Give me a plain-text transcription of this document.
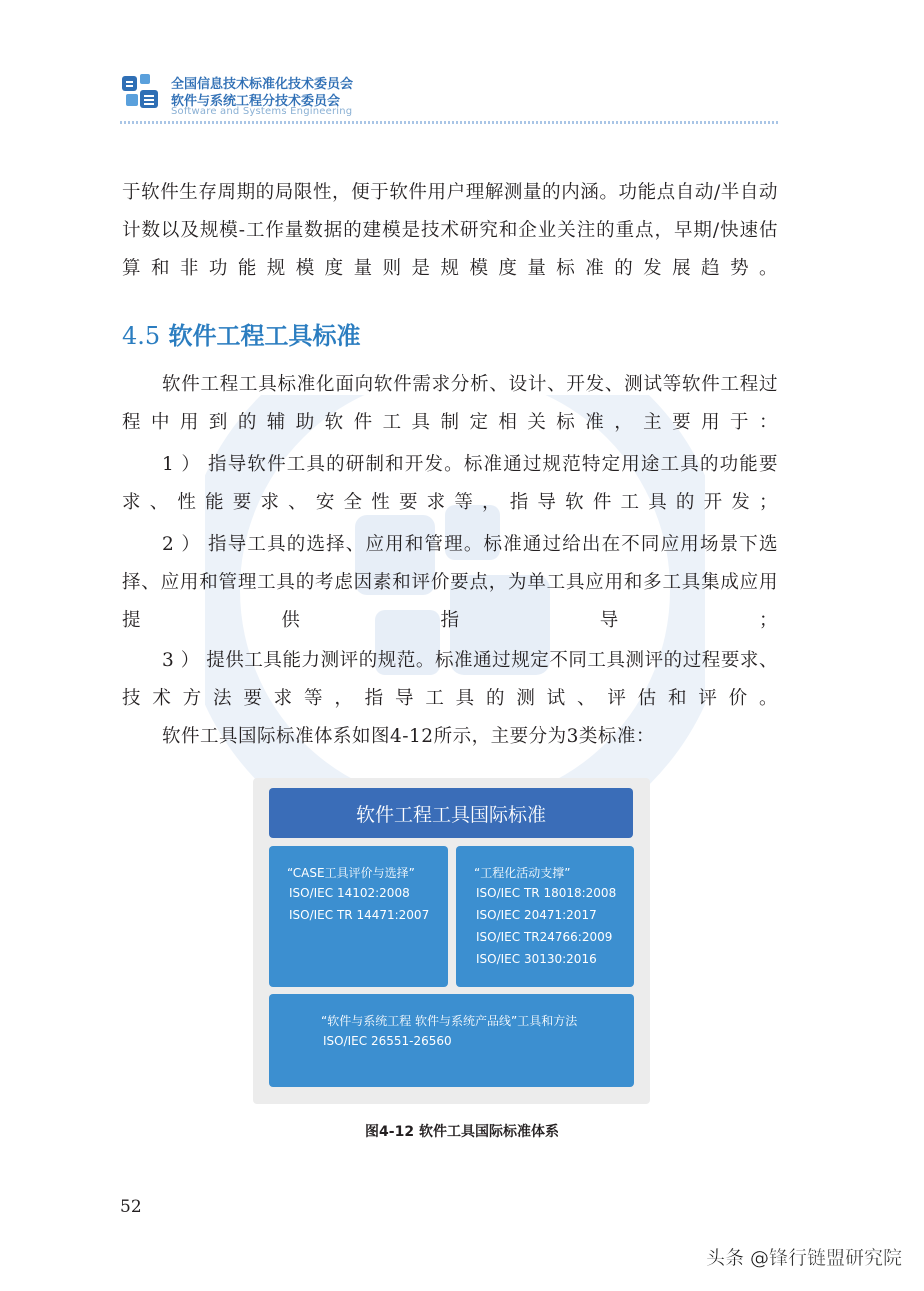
全国信息技术标准化技术委员会
软件与系统工程分技术委员会
Software and Systems Engineering

于软件生存周期的局限性，便于软件用户理解测量的内涵。功能点自动/半自动计数以及规模-工作量数据的建模是技术研究和企业关注的重点，早期/快速估算和非功能规模度量则是规模度量标准的发展趋势。

4.5 软件工程工具标准

软件工程工具标准化面向软件需求分析、设计、开发、测试等软件工程过程中用到的辅助软件工具制定相关标准，主要用于：

1 ） 指导软件工具的研制和开发。标准通过规范特定用途工具的功能要求、性能要求、安全性要求等，指导软件工具的开发；

2 ） 指导工具的选择、应用和管理。标准通过给出在不同应用场景下选择、应用和管理工具的考虑因素和评价要点，为单工具应用和多工具集成应用提供指导；

3 ） 提供工具能力测评的规范。标准通过规定不同工具测评的过程要求、技术方法要求等，指导工具的测试、评估和评价。

软件工具国际标准体系如图4-12所示，主要分为3类标准：

软件工程工具国际标准
“CASE工具评价与选择”
ISO/IEC 14102:2008
ISO/IEC TR 14471:2007
“工程化活动支撑”
ISO/IEC TR 18018:2008
ISO/IEC 20471:2017
ISO/IEC TR24766:2009
ISO/IEC 30130:2016
“软件与系统工程 软件与系统产品线”工具和方法
ISO/IEC 26551-26560
图4-12 软件工具国际标准体系
52
头条 @锋行链盟研究院
